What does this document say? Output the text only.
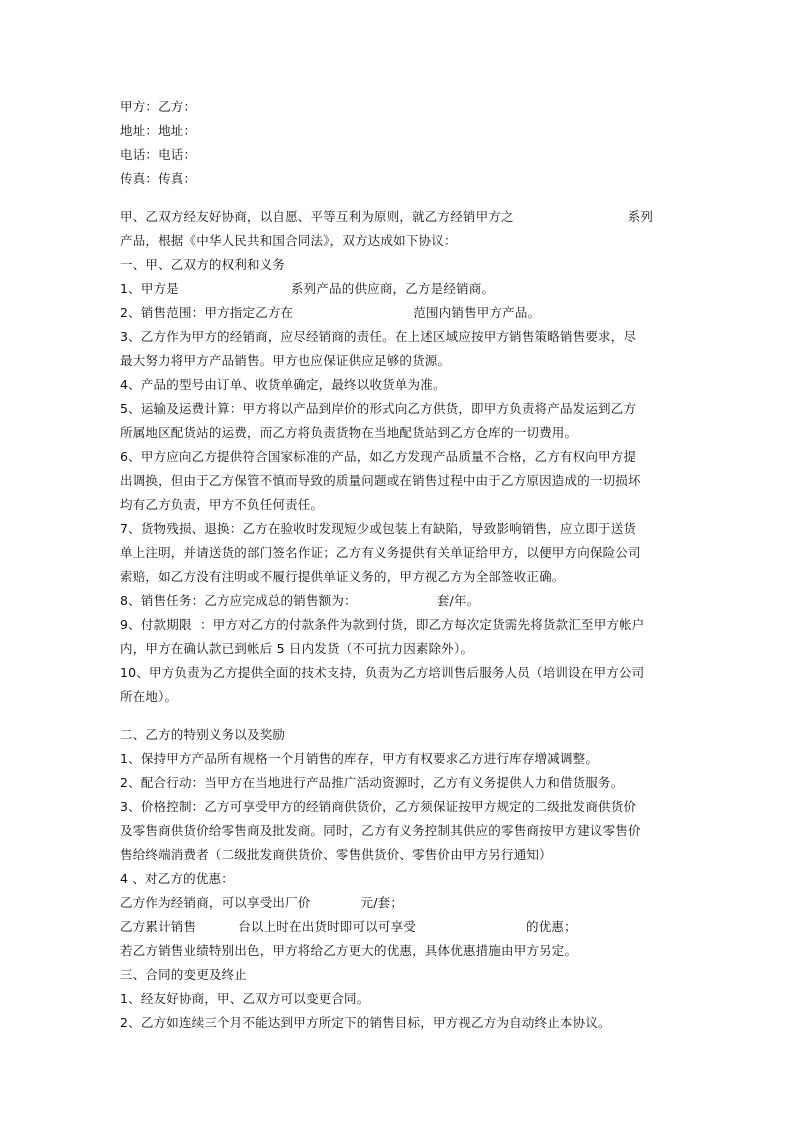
甲方：乙方：
地址：地址：
电话：电话：
传真：传真：
甲、乙双方经友好协商，以自愿、平等互利为原则，就乙方经销甲方之	系列
产品，根据《中华人民共和国合同法》，双方达成如下协议：
一、甲、乙双方的权利和义务
1、甲方是	系列产品的供应商，乙方是经销商。
2、销售范围：甲方指定乙方在	范围内销售甲方产品。
3、乙方作为甲方的经销商，应尽经销商的责任。在上述区域应按甲方销售策略销售要求，尽
最大努力将甲方产品销售。甲方也应保证供应足够的货源。
4、产品的型号由订单、收货单确定，最终以收货单为准。
5、运输及运费计算：甲方将以产品到岸价的形式向乙方供货，即甲方负责将产品发运到乙方
所属地区配货站的运费，而乙方将负责货物在当地配货站到乙方仓库的一切费用。
6、甲方应向乙方提供符合国家标准的产品，如乙方发现产品质量不合格，乙方有权向甲方提
出调换，但由于乙方保管不慎而导致的质量问题或在销售过程中由于乙方原因造成的一切损坏
均有乙方负责，甲方不负任何责任。
7、货物残损、退换：乙方在验收时发现短少或包装上有缺陷，导致影响销售，应立即于送货
单上注明，并请送货的部门签名作证；乙方有义务提供有关单证给甲方，以便甲方向保险公司
索赔，如乙方没有注明或不履行提供单证义务的，甲方视乙方为全部签收正确。
8、销售任务：乙方应完成总的销售额为：	套/年。
9、付款期限  ：甲方对乙方的付款条件为款到付货，即乙方每次定货需先将货款汇至甲方帐户
内，甲方在确认款已到帐后 5 日内发货（不可抗力因素除外）。
10、甲方负责为乙方提供全面的技术支持，负责为乙方培训售后服务人员（培训设在甲方公司
所在地）。
二、乙方的特别义务以及奖励
1、保持甲方产品所有规格一个月销售的库存，甲方有权要求乙方进行库存增减调整。
2、配合行动：当甲方在当地进行产品推广活动资源时，乙方有义务提供人力和借货服务。
3、价格控制：乙方可享受甲方的经销商供货价，乙方须保证按甲方规定的二级批发商供货价
及零售商供货价给零售商及批发商。同时，乙方有义务控制其供应的零售商按甲方建议零售价
售给终端消费者（二级批发商供货价、零售供货价、零售价由甲方另行通知）
4 、对乙方的优惠：
乙方作为经销商，可以享受出厂价	元/套；
乙方累计销售	台以上时在出货时即可以可享受	的优惠；
若乙方销售业绩特别出色，甲方将给乙方更大的优惠，具体优惠措施由甲方另定。
三、合同的变更及终止
1、经友好协商，甲、乙双方可以变更合同。
2、乙方如连续三个月不能达到甲方所定下的销售目标，甲方视乙方为自动终止本协议。
